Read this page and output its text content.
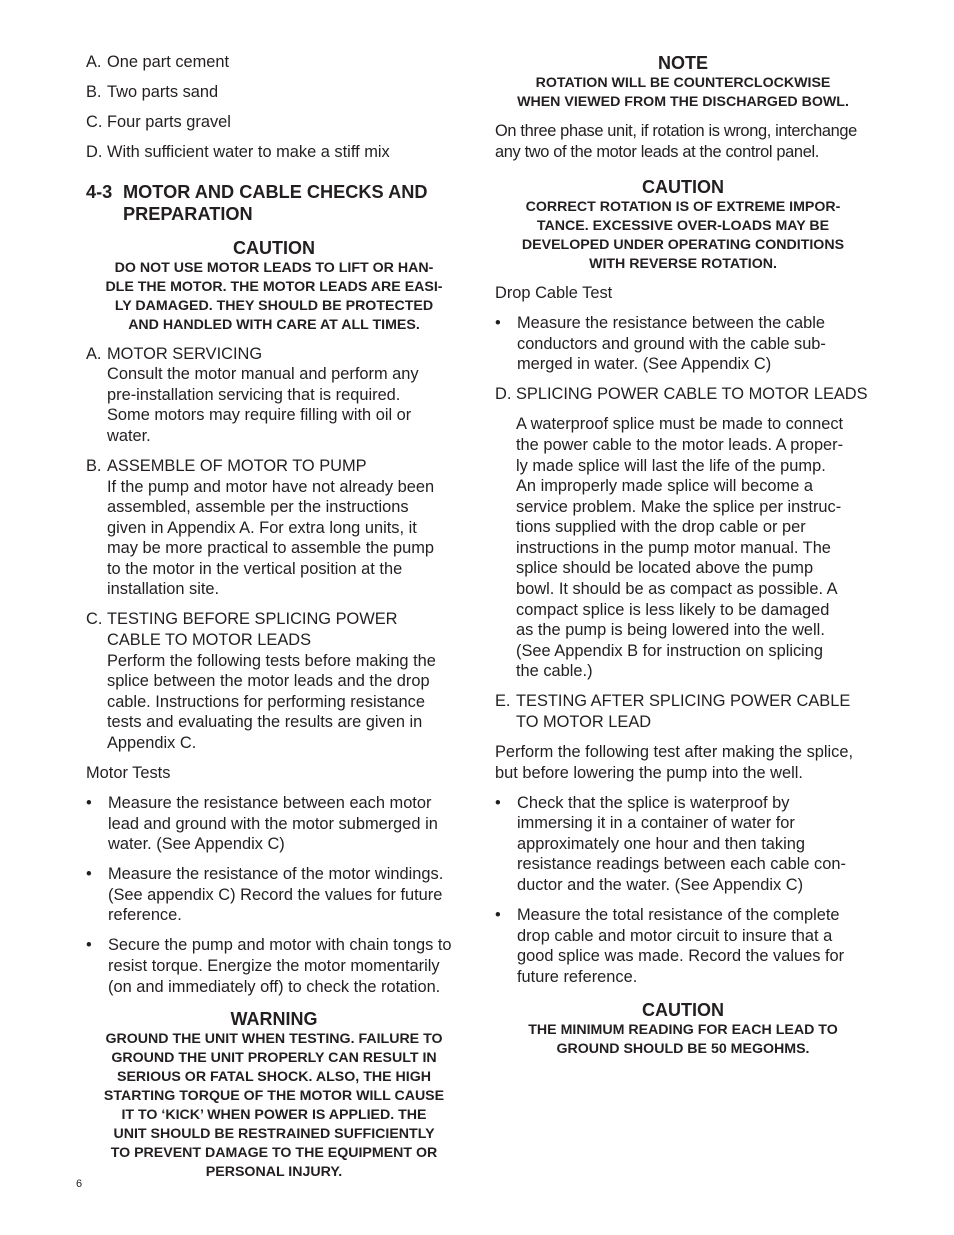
A. One part cement
B. Two parts sand
C. Four parts gravel
D. With sufficient water to make a stiff mix
4-3 MOTOR AND CABLE CHECKS AND PREPARATION

CAUTION

DO NOT USE MOTOR LEADS TO LIFT OR HAN-

DLE THE MOTOR. THE MOTOR LEADS ARE EASI-

LY DAMAGED. THEY SHOULD BE PROTECTED

AND HANDLED WITH CARE AT ALL TIMES.

A. MOTOR SERVICING

Consult the motor manual and perform any

pre-installation servicing that is required.

Some motors may require filling with oil or

water.

B. ASSEMBLE OF MOTOR TO PUMP

If the pump and motor have not already been

assembled, assemble per the instructions

given in Appendix A. For extra long units, it

may be more practical to assemble the pump

to the motor in the vertical position at the

installation site.

C. TESTING BEFORE SPLICING POWER

CABLE TO MOTOR LEADS

Perform the following tests before making the

splice between the motor leads and the drop

cable. Instructions for performing resistance

tests and evaluating the results are given in

Appendix C.

Motor Tests

• Measure the resistance between each motor
lead and ground with the motor submerged in
water. (See Appendix C)
• Measure the resistance of the motor windings.
(See appendix C) Record the values for future
reference.
• Secure the pump and motor with chain tongs to
resist torque. Energize the motor momentarily
(on and immediately off) to check the rotation.

WARNING

GROUND THE UNIT WHEN TESTING. FAILURE TO

GROUND THE UNIT PROPERLY CAN RESULT IN

SERIOUS OR FATAL SHOCK. ALSO, THE HIGH

STARTING TORQUE OF THE MOTOR WILL CAUSE

IT TO ‘KICK’ WHEN POWER IS APPLIED. THE

UNIT SHOULD BE RESTRAINED SUFFICIENTLY

TO PREVENT DAMAGE TO THE EQUIPMENT OR

PERSONAL INJURY.

NOTE

ROTATION WILL BE COUNTERCLOCKWISE

WHEN VIEWED FROM THE DISCHARGED BOWL.

On three phase unit, if rotation is wrong, interchange

any two of the motor leads at the control panel.

CAUTION

CORRECT ROTATION IS OF EXTREME IMPOR-

TANCE. EXCESSIVE OVER-LOADS MAY BE

DEVELOPED UNDER OPERATING CONDITIONS

WITH REVERSE ROTATION.

Drop Cable Test

• Measure the resistance between the cable
conductors and ground with the cable sub-
merged in water. (See Appendix C)
D. SPLICING POWER CABLE TO MOTOR LEADS

A waterproof splice must be made to connect

the power cable to the motor leads. A proper-

ly made splice will last the life of the pump.

An improperly made splice will become a

service problem. Make the splice per instruc-

tions supplied with the drop cable or per

instructions in the pump motor manual. The

splice should be located above the pump

bowl. It should be as compact as possible. A

compact splice is less likely to be damaged

as the pump is being lowered into the well.

(See Appendix B for instruction on splicing

the cable.)

E. TESTING AFTER SPLICING POWER CABLE

TO MOTOR LEAD

Perform the following test after making the splice,

but before lowering the pump into the well.

• Check that the splice is waterproof by
immersing it in a container of water for
approximately one hour and then taking
resistance readings between each cable con-
ductor and the water. (See Appendix C)
• Measure the total resistance of the complete
drop cable and motor circuit to insure that a
good splice was made. Record the values for
future reference.

CAUTION

THE MINIMUM READING FOR EACH LEAD TO

GROUND SHOULD BE 50 MEGOHMS.

6
